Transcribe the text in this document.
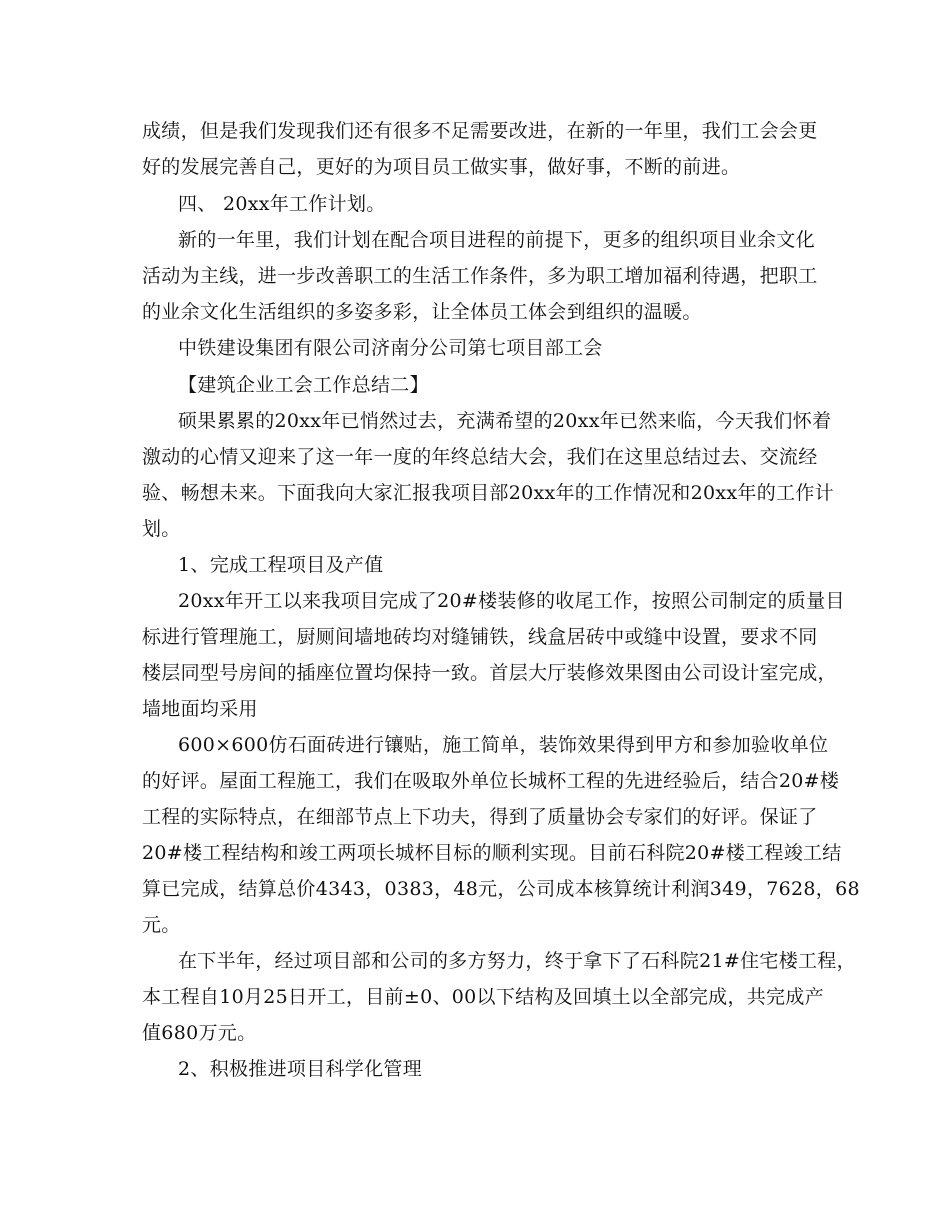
成绩，但是我们发现我们还有很多不足需要改进，在新的一年里，我们工会会更
好的发展完善自己，更好的为项目员工做实事，做好事，不断的前进。
四、 20xx年工作计划。
新的一年里，我们计划在配合项目进程的前提下，更多的组织项目业余文化
活动为主线，进一步改善职工的生活工作条件，多为职工增加福利待遇，把职工
的业余文化生活组织的多姿多彩，让全体员工体会到组织的温暖。
中铁建设集团有限公司济南分公司第七项目部工会
【建筑企业工会工作总结二】
硕果累累的20xx年已悄然过去，充满希望的20xx年已然来临，今天我们怀着
激动的心情又迎来了这一年一度的年终总结大会，我们在这里总结过去、交流经
验、畅想未来。下面我向大家汇报我项目部20xx年的工作情况和20xx年的工作计
划。
1、完成工程项目及产值
20xx年开工以来我项目完成了20#楼装修的收尾工作，按照公司制定的质量目
标进行管理施工，厨厕间墙地砖均对缝铺铁，线盒居砖中或缝中设置，要求不同
楼层同型号房间的插座位置均保持一致。首层大厅装修效果图由公司设计室完成，
墙地面均采用
600×600仿石面砖进行镶贴，施工简单，装饰效果得到甲方和参加验收单位
的好评。屋面工程施工，我们在吸取外单位长城杯工程的先进经验后，结合20#楼
工程的实际特点，在细部节点上下功夫，得到了质量协会专家们的好评。保证了
20#楼工程结构和竣工两项长城杯目标的顺利实现。目前石科院20#楼工程竣工结
算已完成，结算总价4343，0383，48元，公司成本核算统计利润349，7628，68
元。
在下半年，经过项目部和公司的多方努力，终于拿下了石科院21#住宅楼工程，
本工程自10月25日开工，目前±0、00以下结构及回填土以全部完成，共完成产
值680万元。
2、积极推进项目科学化管理
